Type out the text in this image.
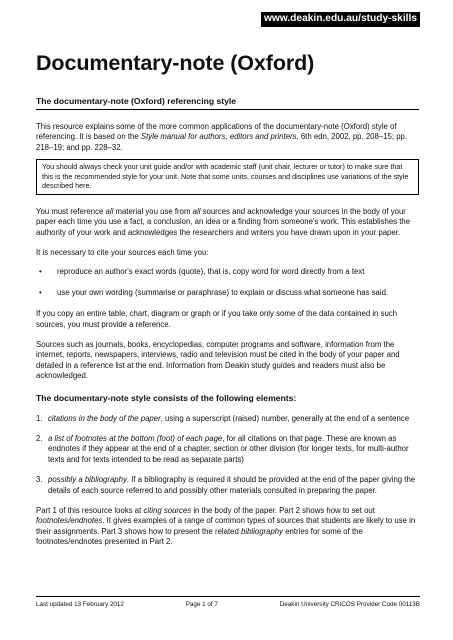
www.deakin.edu.au/study-skills
Documentary-note (Oxford)
The documentary-note (Oxford) referencing style

This resource explains some of the more common applications of the documentary-note (Oxford) style of referencing. It is based on the Style manual for authors, editors and printers, 6th edn, 2002, pp. 208–15; pp. 218–19; and pp. 228–32.

You should always check your unit guide and/or with academic staff (unit chair, lecturer or tutor) to make sure that this is the recommended style for your unit. Note that some units, courses and disciplines use variations of the style described here.

You must reference all material you use from all sources and acknowledge your sources in the body of your paper each time you use a fact, a conclusion, an idea or a finding from someone's work. This establishes the authority of your work and acknowledges the researchers and writers you have drawn upon in your paper.

It is necessary to cite your sources each time you:

•	reproduce an author's exact words (quote), that is, copy word for word directly from a text
•	use your own wording (summarise or paraphrase) to explain or discuss what someone has said.

If you copy an entire table, chart, diagram or graph or if you take only some of the data contained in such sources, you must provide a reference.

Sources such as journals, books, encyclopedias, computer programs and software, information from the internet, reports, newspapers, interviews, radio and television must be cited in the body of your paper and detailed in a reference list at the end. Information from Deakin study guides and readers must also be acknowledged.

The documentary-note style consists of the following elements:
1. citations in the body of the paper, using a superscript (raised) number, generally at the end of a sentence
2. a list of footnotes at the bottom (foot) of each page, for all citations on that page. These are known as endnotes if they appear at the end of a chapter, section or other division (for longer texts, for multi-author texts and for texts intended to be read as separate parts)
3. possibly a bibliography. If a bibliography is required it should be provided at the end of the paper giving the details of each source referred to and possibly other materials consulted in preparing the paper.

Part 1 of this resource looks at citing sources in the body of the paper. Part 2 shows how to set out footnotes/endnotes. It gives examples of a range of common types of sources that students are likely to use in their assignments. Part 3 shows how to present the related bibliography entries for some of the footnotes/endnotes presented in Part 2.

Last updated 13 February 2012	Page 1 of 7	Deakin University CRICOS Provider Code 00113B
